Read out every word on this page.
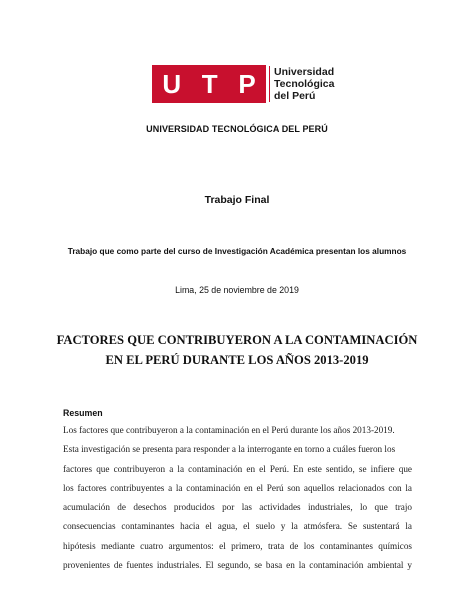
U T P Universidad
Tecnológica
del Perú
UNIVERSIDAD TECNOLÓGICA DEL PERÚ
Trabajo Final
Trabajo que como parte del curso de Investigación Académica presentan los alumnos
Lima, 25 de noviembre de 2019
FACTORES QUE CONTRIBUYERON A LA CONTAMINACIÓN
EN EL PERÚ DURANTE LOS AÑOS 2013-2019
Resumen
Los factores que contribuyeron a la contaminación en el Perú durante los años 2013-2019.
Esta investigación se presenta para responder a la interrogante en torno a cuáles fueron los
factores que contribuyeron a la contaminación en el Perú. En este sentido, se infiere que
los factores contribuyentes a la contaminación en el Perú son aquellos relacionados con la
acumulación de desechos producidos por las actividades industriales, lo que trajo
consecuencias contaminantes hacia el agua, el suelo y la atmósfera. Se sustentará la
hipótesis mediante cuatro argumentos: el primero, trata de los contaminantes químicos
provenientes de fuentes industriales. El segundo, se basa en la contaminación ambiental y
